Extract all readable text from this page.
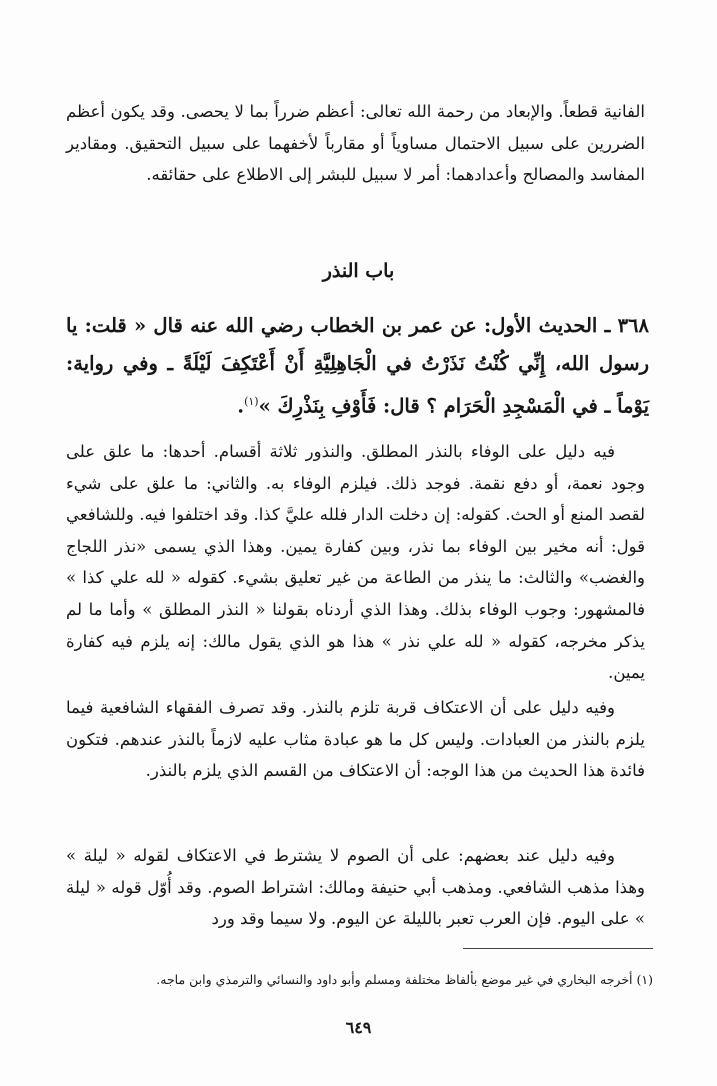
الفانية قطعاً. والإبعاد من رحمة الله تعالى: أعظم ضرراً بما لا يحصى. وقد يكون أعظم الضررين على سبيل الاحتمال مساوياً أو مقارباً لأخفهما على سبيل التحقيق. ومقادير المفاسد والمصالح وأعدادهما: أمر لا سبيل للبشر إلى الاطلاع على حقائقه.
باب النذر
٣٦٨ ـ الحديث الأول: عن عمر بن الخطاب رضي الله عنه قال « قلت: يا رسول الله، إِنِّي كُنْتُ نَذَرْتُ في الْجَاهِلِيَّةِ أَنْ أَعْتَكِفَ لَيْلَةً ـ وفي رواية: يَوْماً ـ في الْمَسْجِدِ الْحَرَام ؟ قال: فَأَوْفِ بِنَذْرِكَ »$^{(١)}$.
فيه دليل على الوفاء بالنذر المطلق. والنذور ثلاثة أقسام. أحدها: ما علق على وجود نعمة، أو دفع نقمة. فوجد ذلك. فيلزم الوفاء به. والثاني: ما علق على شيء لقصد المنع أو الحث. كقوله: إن دخلت الدار فلله عليَّ كذا. وقد اختلفوا فيه. وللشافعي قول: أنه مخير بين الوفاء بما نذر، وبين كفارة يمين. وهذا الذي يسمى «نذر اللجاج والغضب» والثالث: ما ينذر من الطاعة من غير تعليق بشيء. كقوله « لله علي كذا » فالمشهور: وجوب الوفاء بذلك. وهذا الذي أردناه بقولنا « النذر المطلق » وأما ما لم يذكر مخرجه، كقوله « لله علي نذر » هذا هو الذي يقول مالك: إنه يلزم فيه كفارة يمين.
وفيه دليل على أن الاعتكاف قربة تلزم بالنذر. وقد تصرف الفقهاء الشافعية فيما يلزم بالنذر من العبادات. وليس كل ما هو عبادة مثاب عليه لازماً بالنذر عندهم. فتكون فائدة هذا الحديث من هذا الوجه: أن الاعتكاف من القسم الذي يلزم بالنذر.
وفيه دليل عند بعضهم: على أن الصوم لا يشترط في الاعتكاف لقوله « ليلة » وهذا مذهب الشافعي. ومذهب أبي حنيفة ومالك: اشتراط الصوم. وقد أُوّل قوله « ليلة » على اليوم. فإن العرب تعبر بالليلة عن اليوم. ولا سيما وقد ورد
(١) أخرجه البخاري في غير موضع بألفاظ مختلفة ومسلم وأبو داود والنسائي والترمذي وابن ماجه.
٦٤٩
